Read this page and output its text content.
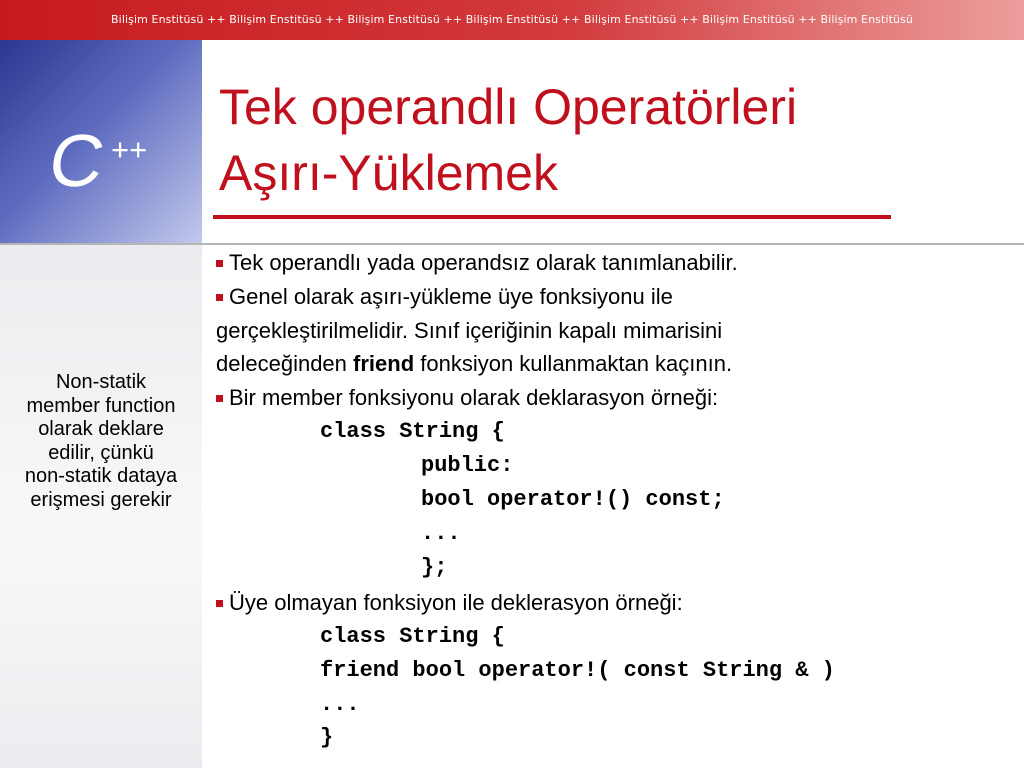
Bilişim Enstitüsü ++ Bilişim Enstitüsü ++ Bilişim Enstitüsü ++ Bilişim Enstitüsü ++ Bilişim Enstitüsü ++ Bilişim Enstitüsü ++ Bilişim Enstitüsü
C ++
Non-statik
member function
olarak deklare
edilir, çünkü
non-statik dataya
erişmesi gerekir
Tek operandlı Operatörleri
Aşırı-Yüklemek
Tek operandlı yada operandsız olarak tanımlanabilir.
Genel olarak aşırı-yükleme üye fonksiyonu ile
gerçekleştirilmelidir. Sınıf içeriğinin kapalı mimarisini
deleceğinden friend fonksiyon kullanmaktan kaçının.
Bir member fonksiyonu olarak deklarasyon örneği:
class String {
public:
bool operator!() const;
...
};
Üye olmayan fonksiyon ile deklerasyon örneği:
class String {
friend bool operator!( const String & )
...
}
